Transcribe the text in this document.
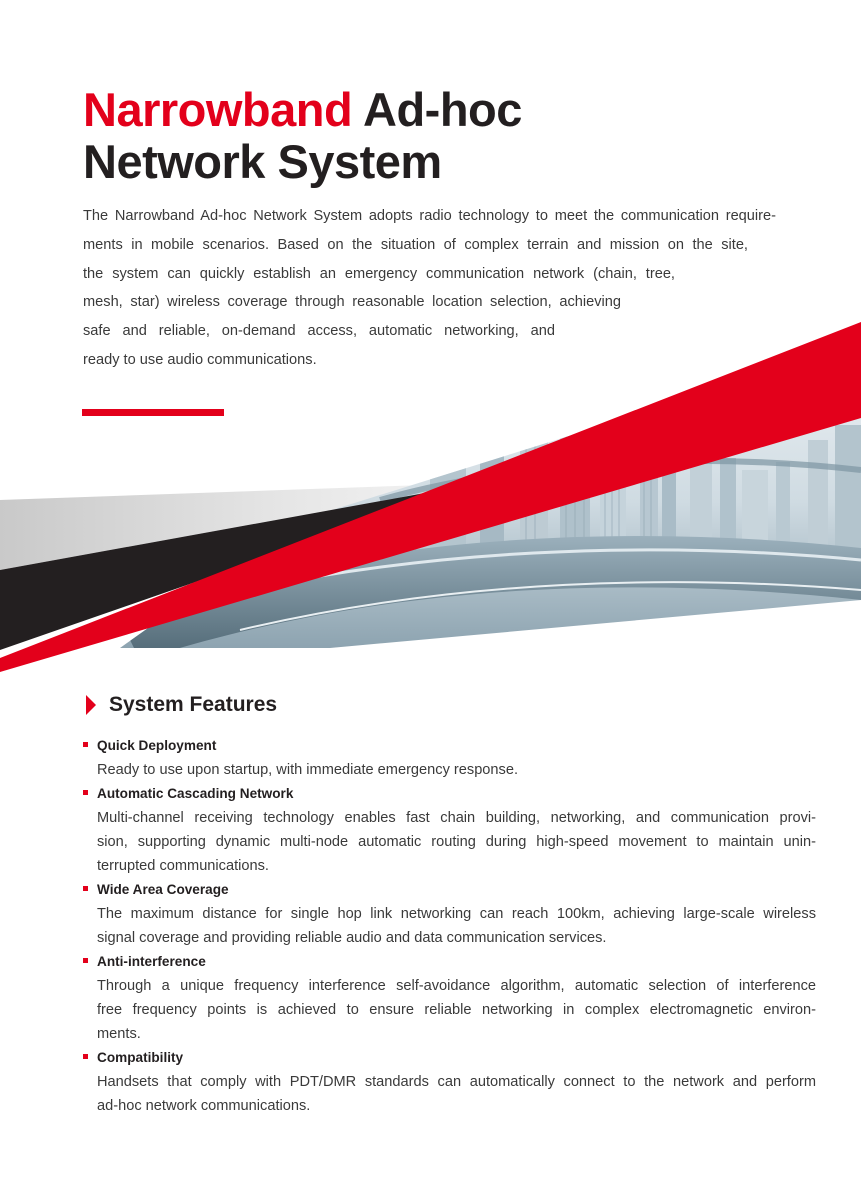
Narrowband Ad-hoc
Network System

The Narrowband Ad-hoc Network System adopts radio technology to meet the communication require-
ments in mobile scenarios. Based on the situation of complex terrain and mission on the site,
the system can quickly establish an emergency communication network (chain, tree,
mesh, star) wireless coverage through reasonable location selection, achieving
safe and reliable, on-demand access, automatic networking, and
ready to use audio communications.

System Features
Quick Deployment
Ready to use upon startup, with immediate emergency response.
Automatic Cascading Network
Multi-channel receiving technology enables fast chain building, networking, and communication provi-
sion, supporting dynamic multi-node automatic routing during high-speed movement to maintain unin-
terrupted communications.
Wide Area Coverage
The maximum distance for single hop link networking can reach 100km, achieving large-scale wireless
signal coverage and providing reliable audio and data communication services.
Anti-interference
Through a unique frequency interference self-avoidance algorithm, automatic selection of interference
free frequency points is achieved to ensure reliable networking in complex electromagnetic environ-
ments.
Compatibility
Handsets that comply with PDT/DMR standards can automatically connect to the network and perform
ad-hoc network communications.
